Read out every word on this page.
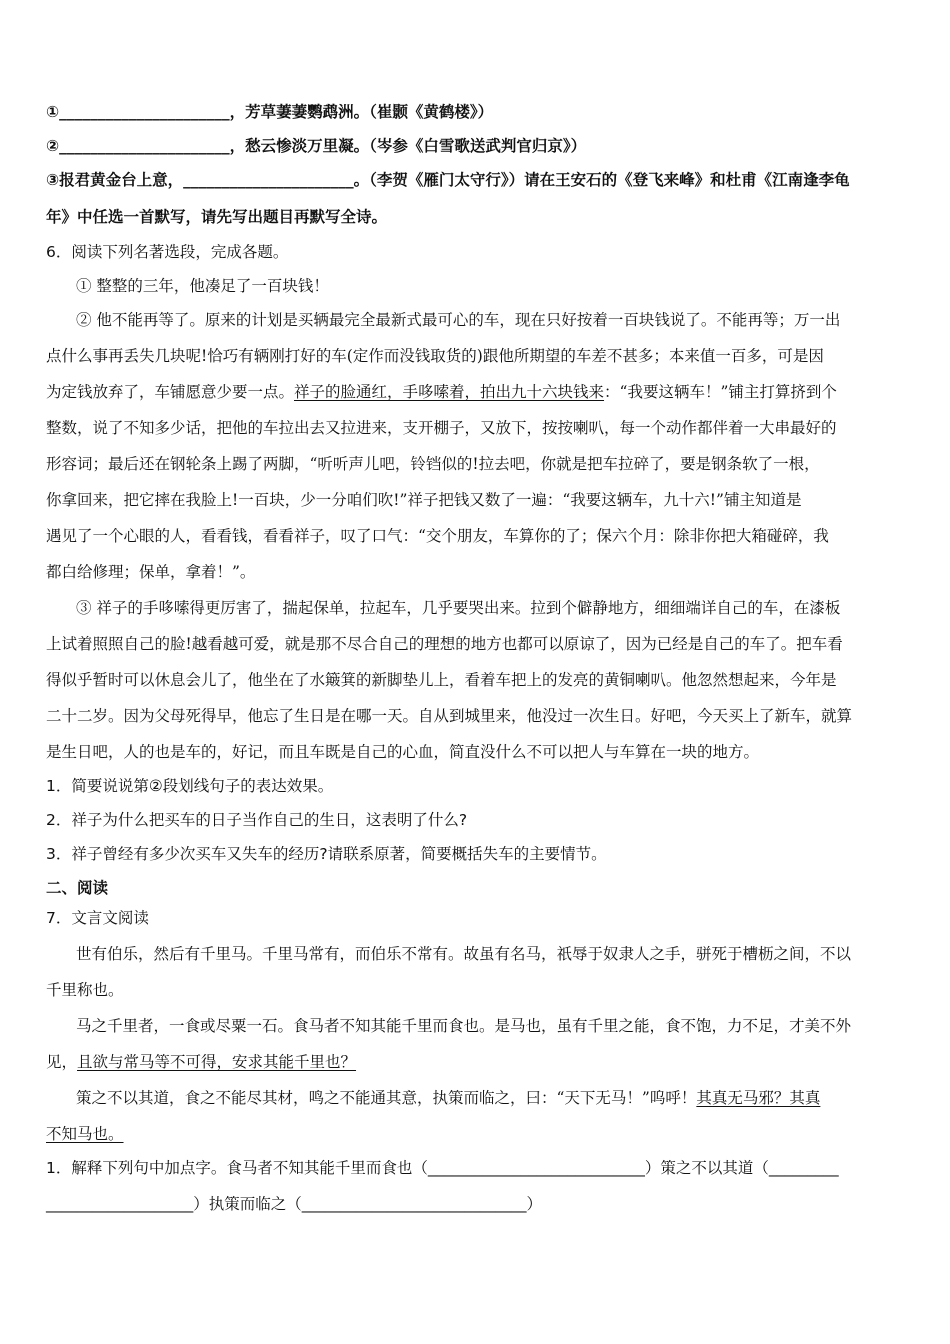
①______________________，芳草萋萋鹦鹉洲。（崔颢《黄鹤楼》）
②______________________，愁云惨淡万里凝。（岑参《白雪歌送武判官归京》）
③报君黄金台上意，______________________。（李贺《雁门太守行》）请在王安石的《登飞来峰》和杜甫《江南逢李龟
年》中任选一首默写，请先写出题目再默写全诗。
6．阅读下列名著选段，完成各题。
① 整整的三年，他凑足了一百块钱！
② 他不能再等了。原来的计划是买辆最完全最新式最可心的车，现在只好按着一百块钱说了。不能再等；万一出
点什么事再丢失几块呢!恰巧有辆刚打好的车(定作而没钱取货的)跟他所期望的车差不甚多；本来值一百多，可是因
为定钱放弃了，车铺愿意少要一点。祥子的脸通红，手哆嗦着，拍出九十六块钱来：“我要这辆车！”铺主打算挤到个
整数，说了不知多少话，把他的车拉出去又拉进来，支开棚子，又放下，按按喇叭，每一个动作都伴着一大串最好的
形容词；最后还在钢轮条上踢了两脚，“听听声儿吧，铃铛似的!拉去吧，你就是把车拉碎了，要是钢条软了一根，
你拿回来，把它摔在我脸上!一百块，少一分咱们吹!”祥子把钱又数了一遍：“我要这辆车，九十六!”铺主知道是
遇见了一个心眼的人，看看钱，看看祥子，叹了口气：“交个朋友，车算你的了；保六个月：除非你把大箱碰碎，我
都白给修理；保单，拿着！”。
③ 祥子的手哆嗦得更厉害了，揣起保单，拉起车，几乎要哭出来。拉到个僻静地方，细细端详自己的车，在漆板
上试着照照自己的脸!越看越可爱，就是那不尽合自己的理想的地方也都可以原谅了，因为已经是自己的车了。把车看
得似乎暂时可以休息会儿了，他坐在了水簸箕的新脚垫儿上，看着车把上的发亮的黄铜喇叭。他忽然想起来，今年是
二十二岁。因为父母死得早，他忘了生日是在哪一天。自从到城里来，他没过一次生日。好吧，今天买上了新车，就算
是生日吧，人的也是车的，好记，而且车既是自己的心血，简直没什么不可以把人与车算在一块的地方。
1．简要说说第②段划线句子的表达效果。
2．祥子为什么把买车的日子当作自己的生日，这表明了什么?
3．祥子曾经有多少次买车又失车的经历?请联系原著，简要概括失车的主要情节。
二、阅读
7．文言文阅读
世有伯乐，然后有千里马。千里马常有，而伯乐不常有。故虽有名马，祇辱于奴隶人之手，骈死于槽枥之间，不以
千里称也。
马之千里者，一食或尽粟一石。食马者不知其能千里而食也。是马也，虽有千里之能，食不饱，力不足，才美不外
见，且欲与常马等不可得，安求其能千里也？
策之不以其道，食之不能尽其材，鸣之不能通其意，执策而临之，曰：“天下无马！”呜呼！其真无马邪？其真
不知马也。
1．解释下列句中加点字。食马者不知其能千里而食也（____________________________）策之不以其道（_________
___________________）执策而临之（_____________________________）
